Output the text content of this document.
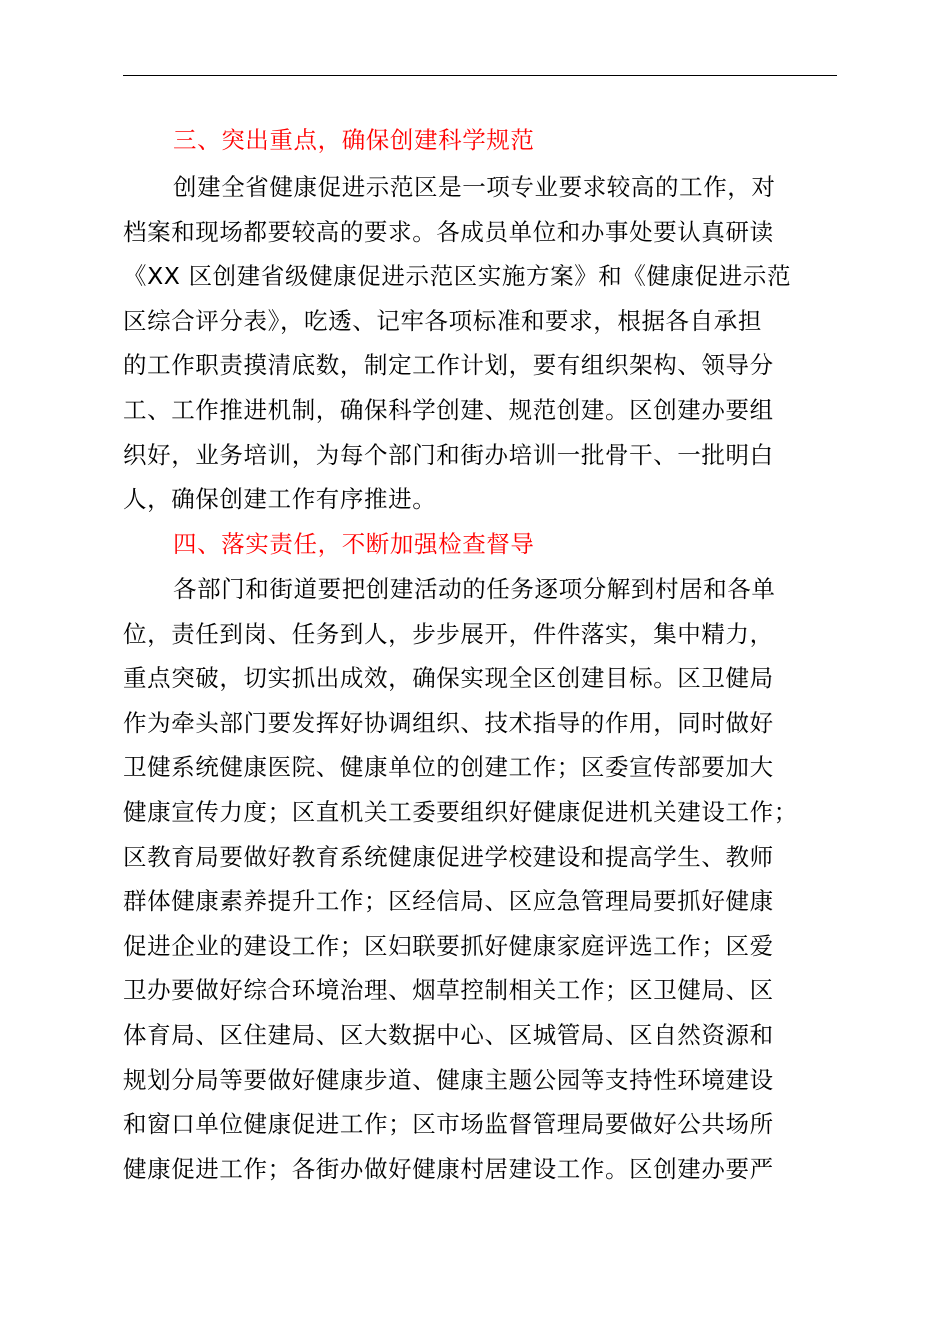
三、突出重点，确保创建科学规范
创建全省健康促进示范区是一项专业要求较高的工作，对
档案和现场都要较高的要求。各成员单位和办事处要认真研读
《XX 区创建省级健康促进示范区实施方案》和《健康促进示范
区综合评分表》，吃透、记牢各项标准和要求，根据各自承担
的工作职责摸清底数，制定工作计划，要有组织架构、领导分
工、工作推进机制，确保科学创建、规范创建。区创建办要组
织好，业务培训，为每个部门和街办培训一批骨干、一批明白
人，确保创建工作有序推进。
四、落实责任，不断加强检查督导
各部门和街道要把创建活动的任务逐项分解到村居和各单
位，责任到岗、任务到人，步步展开，件件落实，集中精力，
重点突破，切实抓出成效，确保实现全区创建目标。区卫健局
作为牵头部门要发挥好协调组织、技术指导的作用，同时做好
卫健系统健康医院、健康单位的创建工作；区委宣传部要加大
健康宣传力度；区直机关工委要组织好健康促进机关建设工作；
区教育局要做好教育系统健康促进学校建设和提高学生、教师
群体健康素养提升工作；区经信局、区应急管理局要抓好健康
促进企业的建设工作；区妇联要抓好健康家庭评选工作；区爱
卫办要做好综合环境治理、烟草控制相关工作；区卫健局、区
体育局、区住建局、区大数据中心、区城管局、区自然资源和
规划分局等要做好健康步道、健康主题公园等支持性环境建设
和窗口单位健康促进工作；区市场监督管理局要做好公共场所
健康促进工作；各街办做好健康村居建设工作。区创建办要严
